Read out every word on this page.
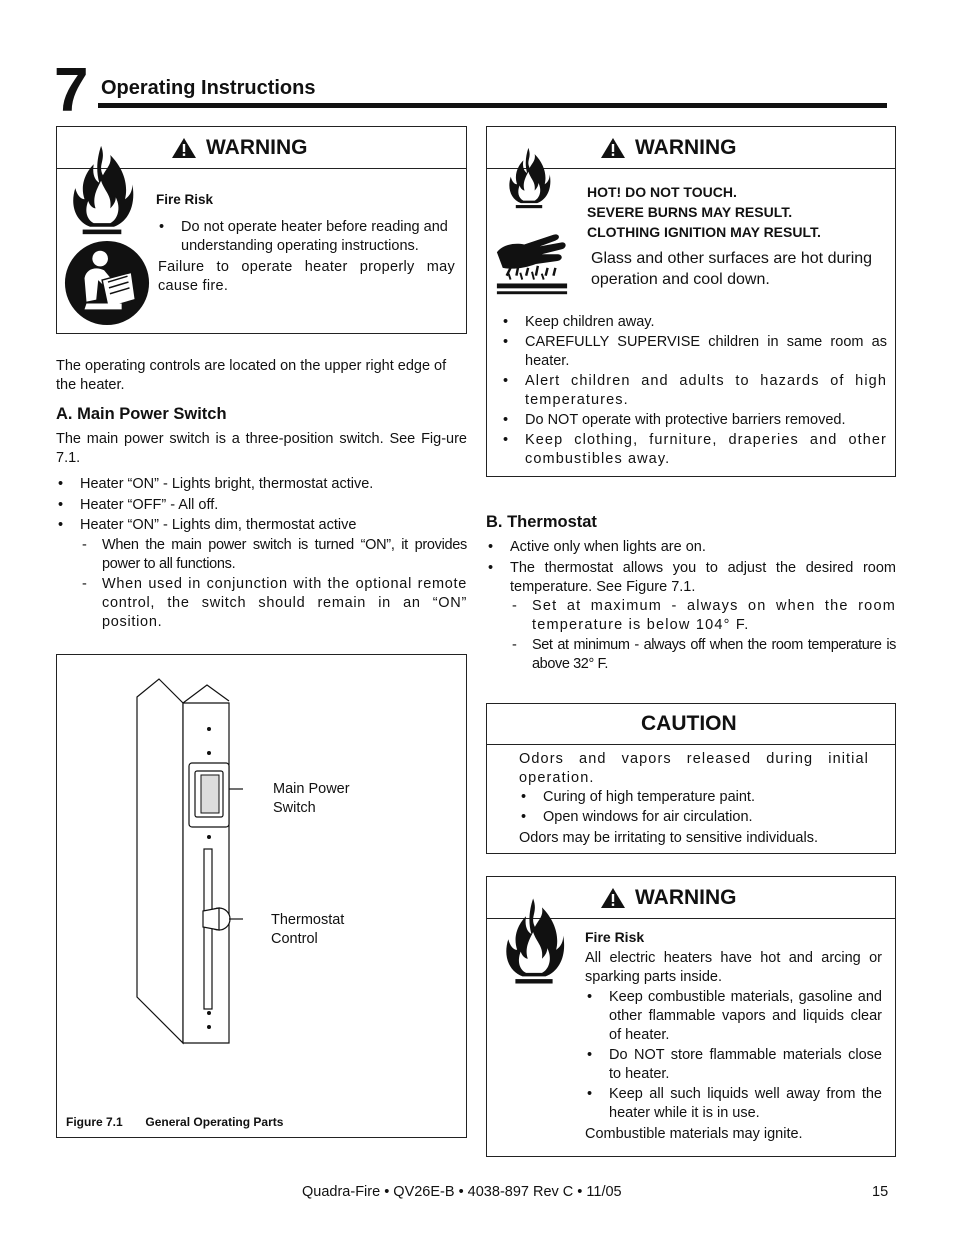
7 Operating Instructions
WARNING
Fire Risk
• Do not operate heater before reading and understanding operating instructions.
Failure to operate heater properly may cause fire.
WARNING
HOT! DO NOT TOUCH.
SEVERE BURNS MAY RESULT.
CLOTHING IGNITION MAY RESULT.
Glass and other surfaces are hot during operation and cool down.
• Keep children away.
• CAREFULLY SUPERVISE children in same room as heater.
• Alert children and adults to hazards of high temperatures.
• Do NOT operate with protective barriers removed.
• Keep clothing, furniture, draperies and other combustibles away.
The operating controls are located on the upper right edge of the heater.
A. Main Power Switch
The main power switch is a three-position switch. See Fig-ure 7.1.
• Heater “ON” - Lights bright, thermostat active.
• Heater “OFF” - All off.
• Heater “ON” - Lights dim, thermostat active
- When the main power switch is turned “ON”, it provides power to all functions.
- When used in conjunction with the optional remote control, the switch should remain in an “ON” position.
Main Power
Switch
Thermostat
Control
Figure 7.1 General Operating Parts
B. Thermostat
• Active only when lights are on.
• The thermostat allows you to adjust the desired room temperature. See Figure 7.1.
- Set at maximum - always on when the room temperature is below 104° F.
- Set at minimum - always off when the room temperature is above 32° F.
CAUTION
Odors and vapors released during initial operation.
• Curing of high temperature paint.
• Open windows for air circulation.
Odors may be irritating to sensitive individuals.
WARNING
Fire Risk
All electric heaters have hot and arcing or sparking parts inside.
• Keep combustible materials, gasoline and other flammable vapors and liquids clear of heater.
• Do NOT store flammable materials close to heater.
• Keep all such liquids well away from the heater while it is in use.
Combustible materials may ignite.
Quadra-Fire • QV26E-B • 4038-897 Rev C • 11/05	15
